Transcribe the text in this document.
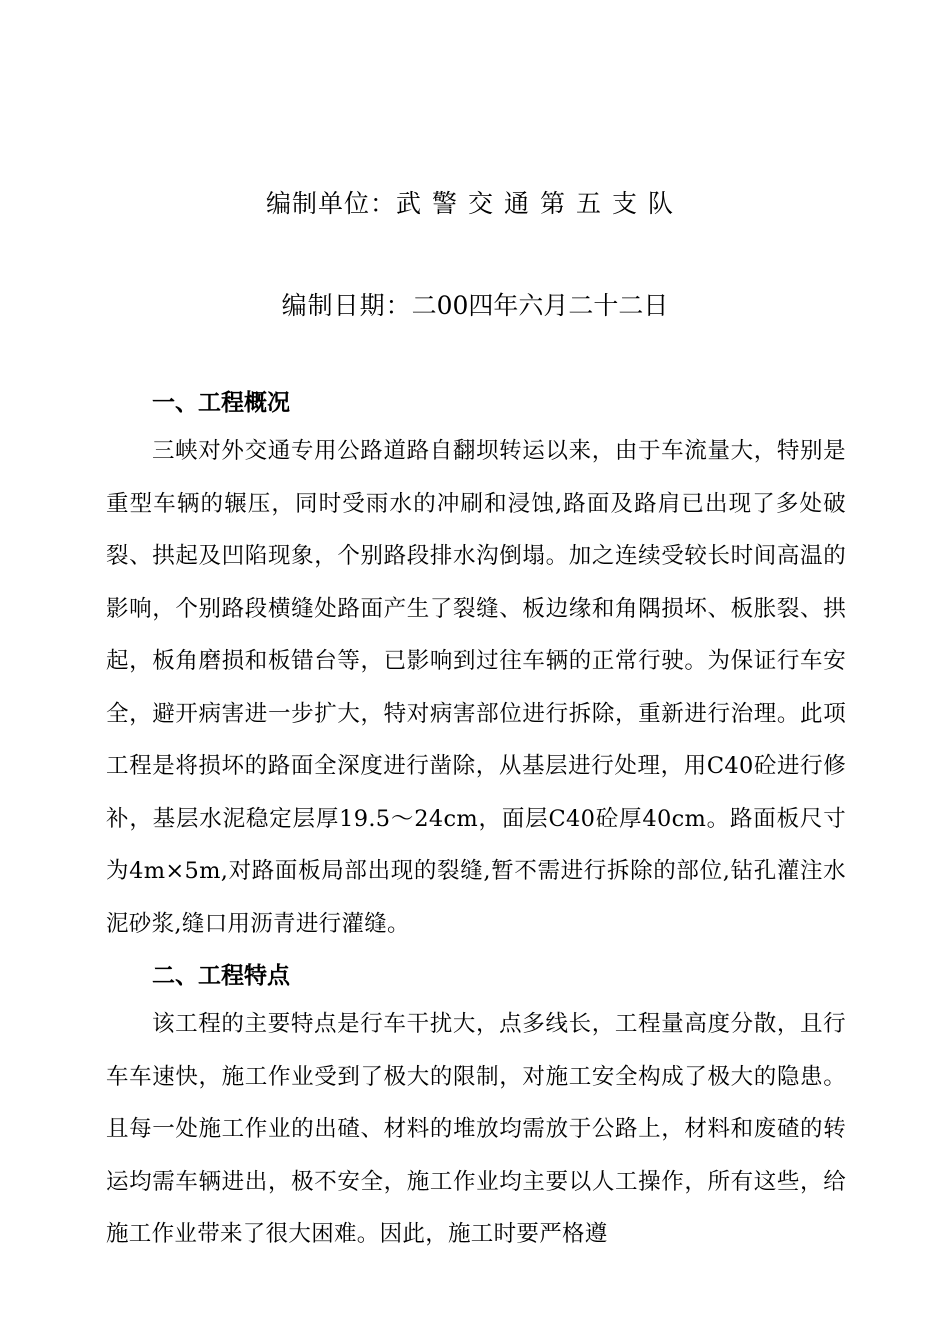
编制单位：武警交通第五支队
编制日期：二00四年六月二十二日
一、工程概况

三峡对外交通专用公路道路自翻坝转运以来，由于车流量大，特别是重型车辆的辗压，同时受雨水的冲刷和浸蚀,路面及路肩已出现了多处破裂、拱起及凹陷现象，个别路段排水沟倒塌。加之连续受较长时间高温的影响，个别路段横缝处路面产生了裂缝、板边缘和角隅损坏、板胀裂、拱起，板角磨损和板错台等，已影响到过往车辆的正常行驶。为保证行车安全，避开病害进一步扩大，特对病害部位进行拆除，重新进行治理。此项工程是将损坏的路面全深度进行凿除，从基层进行处理，用C40砼进行修补，基层水泥稳定层厚19.5～24cm，面层C40砼厚40cm。路面板尺寸为4m×5m,对路面板局部出现的裂缝,暂不需进行拆除的部位,钻孔灌注水泥砂浆,缝口用沥青进行灌缝。

二、工程特点

该工程的主要特点是行车干扰大，点多线长，工程量高度分散，且行车车速快，施工作业受到了极大的限制，对施工安全构成了极大的隐患。且每一处施工作业的出碴、材料的堆放均需放于公路上，材料和废碴的转运均需车辆进出，极不安全，施工作业均主要以人工操作，所有这些，给施工作业带来了很大困难。因此，施工时要严格遵
